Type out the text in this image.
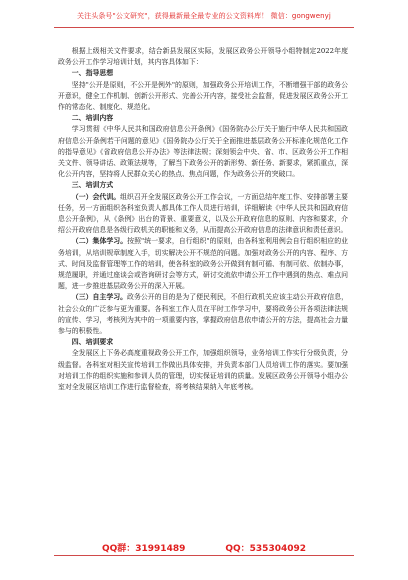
关注头条号"公文研究"，获得最新最全最专业的公文资料库！ 微信：gongwenyj

根据上级相关文件要求，结合新县发展区实际，发展区政务公开领导小组特制定2022年度政务公开工作学习培训计划，其内容具体如下：

一、指导思想

坚持"公开是原则，不公开是例外"的原则，加强政务公开培训工作，不断增强干部的政务公开意识，健全工作机制、创新公开形式、完善公开内容，接受社会监督，促进发展区政务公开工作的常态化、制度化、规范化。

二、培训内容

学习贯彻《中华人民共和国政府信息公开条例》《国务院办公厅关于施行中华人民共和国政府信息公开条例若干问题的意见》《国务院办公厅关于全面推进基层政务公开标准化规范化工作的指导意见》《省政府信息公开办法》等法律法规；深刻领会中央、省、市、区政务公开工作相关文件、领导讲话、政策法规等，了解当下政务公开的新形势、新任务、新要求，紧抓重点，深化公开内容，坚持将人民群众关心的热点、焦点问题，作为政务公开的突破口。

三、培训方式

（一）会代训。组织召开全发展区政务公开工作会议，一方面总结年度工作、安排部署主要任务，另一方面组织各科室负责人都具体工作人员进行培训，详细解读《中华人民共和国政府信息公开条例》，从《条例》出台的背景、重要意义，以及公开政府信息的原则、内容和要求，介绍公开政府信息是各级行政机关的职能和义务，从而提高公开政府信息的法律意识和责任意识。

（二）集体学习。按照"统一要求，自行组织"的原则，由各科室利用例会自行组织相应的业务培训，从培训规章制度入手，切实解决公开不规范的问题。加强对政务公开的内容、程序、方式、时间及监督管理等工作的培训，使各科室的政务公开做到有制可循、有制可依、依制办事，规范履职，并通过座谈会或咨询研讨会等方式，研讨交流依申请公开工作中遇到的热点、难点问题，进一步推进基层政务公开的深入开展。

（三）自主学习。政务公开的目的是为了便民利民，不但行政机关应该主动公开政府信息，社会公众的广泛参与更为重要。各科室工作人员在平时工作学习中，要将政务公开各项法律法规的宣传、学习，考核列为其中的一项重要内容，掌握政府信息依申请公开的方法，提高社会力量参与的积极性。

四、培训要求

全发展区上下务必高度重视政务公开工作，加强组织领导，业务培训工作实行分级负责，分级监督。各科室对相关宣传培训工作做出具体安排，并负责本部门人员培训工作的落实。要加强对培训工作的组织实施和参训人员的管理，切实保证培训的质量。发展区政务公开领导小组办公室对全发展区培训工作进行监督检查，将考核结果纳入年底考核。

QQ群：31991489	QQ：535304092
